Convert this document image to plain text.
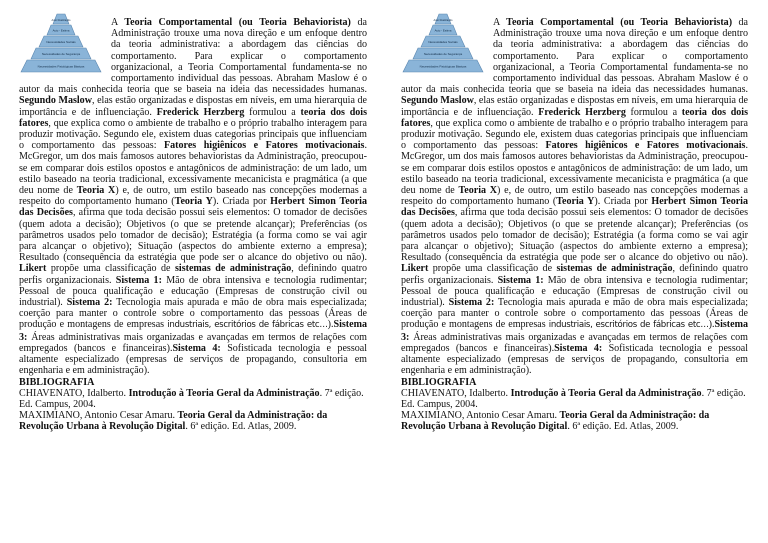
Auto Realização
Auto - Estima
Necessidades Sociais
Necessidades de Segurança
Necessidades Fisiológicas Básicas

A Teoria Comportamental (ou Teoria Behaviorista) da Administração trouxe uma nova direção e um enfoque dentro da teoria administrativa: a abordagem das ciências do comportamento. Para explicar o comportamento organizacional, a Teoria Comportamental fundamenta-se no comportamento individual das pessoas. Abraham Maslow é o autor da mais conhecida teoria que se baseia na ideia das necessidades humanas. Segundo Maslow, elas estão organizadas e dispostas em níveis, em uma hierarquia de importância e de influenciação. Frederick Herzberg formulou a teoria dos dois fatores, que explica como o ambiente de trabalho e o próprio trabalho interagem para produzir motivação. Segundo ele, existem duas categorias principais que influenciam o comportamento das pessoas: Fatores higiênicos e Fatores motivacionais. McGregor, um dos mais famosos autores behavioristas da Administração, preocupou-se em comparar dois estilos opostos e antagônicos de administração: de um lado, um estilo baseado na teoria tradicional, excessivamente mecanicista e pragmática (a que deu nome de Teoria X) e, de outro, um estilo baseado nas concepções modernas a respeito do comportamento humano (Teoria Y). Criada por Herbert Simon Teoria das Decisões, afirma que toda decisão possui seis elementos: O tomador de decisões (quem adota a decisão); Objetivos (o que se pretende alcançar); Preferências (os parâmetros usados pelo tomador de decisão); Estratégia (a forma como se vai agir para alcançar o objetivo); Situação (aspectos do ambiente externo a empresa); Resultado (consequência da estratégia que pode ser o alcance do objetivo ou não). Likert propõe uma classificação de sistemas de administração, definindo quatro perfis organizacionais. Sistema 1: Mão de obra intensiva e tecnologia rudimentar; Pessoal de pouca qualificação e educação (Empresas de construção civil ou industrial). Sistema 2: Tecnologia mais apurada e mão de obra mais especializada; coerção para manter o controle sobre o comportamento das pessoas (Áreas de produção e montagens de empresas industriais, escritórios de fábricas etc…).Sistema 3: Áreas administrativas mais organizadas e avançadas em termos de relações com empregados (bancos e financeiras).Sistema 4: Sofisticada tecnologia e pessoal altamente especializado (empresas de serviços de propagando, consultoria em engenharia e em administração).

BIBLIOGRAFIA

CHIAVENATO, Idalberto. Introdução à Teoria Geral da Administração. 7ª edição. Ed. Campus, 2004.

MAXIMIANO, Antonio Cesar Amaru. Teoria Geral da Administração: da Revolução Urbana à Revolução Digital. 6ª edição. Ed. Atlas, 2009.

Auto Realização
Auto - Estima
Necessidades Sociais
Necessidades de Segurança
Necessidades Fisiológicas Básicas

A Teoria Comportamental (ou Teoria Behaviorista) da Administração trouxe uma nova direção e um enfoque dentro da teoria administrativa: a abordagem das ciências do comportamento. Para explicar o comportamento organizacional, a Teoria Comportamental fundamenta-se no comportamento individual das pessoas. Abraham Maslow é o autor da mais conhecida teoria que se baseia na ideia das necessidades humanas. Segundo Maslow, elas estão organizadas e dispostas em níveis, em uma hierarquia de importância e de influenciação. Frederick Herzberg formulou a teoria dos dois fatores, que explica como o ambiente de trabalho e o próprio trabalho interagem para produzir motivação. Segundo ele, existem duas categorias principais que influenciam o comportamento das pessoas: Fatores higiênicos e Fatores motivacionais. McGregor, um dos mais famosos autores behavioristas da Administração, preocupou-se em comparar dois estilos opostos e antagônicos de administração: de um lado, um estilo baseado na teoria tradicional, excessivamente mecanicista e pragmática (a que deu nome de Teoria X) e, de outro, um estilo baseado nas concepções modernas a respeito do comportamento humano (Teoria Y). Criada por Herbert Simon Teoria das Decisões, afirma que toda decisão possui seis elementos: O tomador de decisões (quem adota a decisão); Objetivos (o que se pretende alcançar); Preferências (os parâmetros usados pelo tomador de decisão); Estratégia (a forma como se vai agir para alcançar o objetivo); Situação (aspectos do ambiente externo a empresa); Resultado (consequência da estratégia que pode ser o alcance do objetivo ou não). Likert propõe uma classificação de sistemas de administração, definindo quatro perfis organizacionais. Sistema 1: Mão de obra intensiva e tecnologia rudimentar; Pessoal de pouca qualificação e educação (Empresas de construção civil ou industrial). Sistema 2: Tecnologia mais apurada e mão de obra mais especializada; coerção para manter o controle sobre o comportamento das pessoas (Áreas de produção e montagens de empresas industriais, escritórios de fábricas etc…).Sistema 3: Áreas administrativas mais organizadas e avançadas em termos de relações com empregados (bancos e financeiras).Sistema 4: Sofisticada tecnologia e pessoal altamente especializado (empresas de serviços de propagando, consultoria em engenharia e em administração).

BIBLIOGRAFIA

CHIAVENATO, Idalberto. Introdução à Teoria Geral da Administração. 7ª edição. Ed. Campus, 2004.

MAXIMIANO, Antonio Cesar Amaru. Teoria Geral da Administração: da Revolução Urbana à Revolução Digital. 6ª edição. Ed. Atlas, 2009.
